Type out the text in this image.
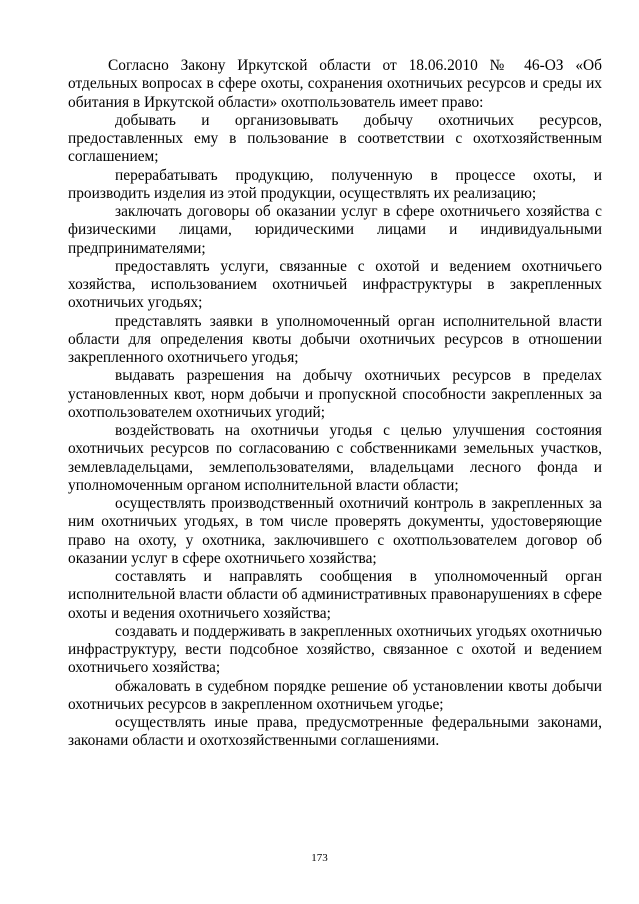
Согласно Закону Иркутской области от 18.06.2010 № 46-ОЗ «Об отдельных вопросах в сфере охоты, сохранения охотничьих ресурсов и среды их обитания в Иркутской области» охотпользователь имеет право:

добывать и организовывать добычу охотничьих ресурсов, предоставленных ему в пользование в соответствии с охотхозяйственным соглашением;

перерабатывать продукцию, полученную в процессе охоты, и производить изделия из этой продукции, осуществлять их реализацию;

заключать договоры об оказании услуг в сфере охотничьего хозяйства с физическими лицами, юридическими лицами и индивидуальными предпринимателями;

предоставлять услуги, связанные с охотой и ведением охотничьего хозяйства, использованием охотничьей инфраструктуры в закрепленных охотничьих угодьях;

представлять заявки в уполномоченный орган исполнительной власти области для определения квоты добычи охотничьих ресурсов в отношении закрепленного охотничьего угодья;

выдавать разрешения на добычу охотничьих ресурсов в пределах установленных квот, норм добычи и пропускной способности закрепленных за охотпользователем охотничьих угодий;

воздействовать на охотничьи угодья с целью улучшения состояния охотничьих ресурсов по согласованию с собственниками земельных участков, землевладельцами, землепользователями, владельцами лесного фонда и уполномоченным органом исполнительной власти области;

осуществлять производственный охотничий контроль в закрепленных за ним охотничьих угодьях, в том числе проверять документы, удостоверяющие право на охоту, у охотника, заключившего с охотпользователем договор об оказании услуг в сфере охотничьего хозяйства;

составлять и направлять сообщения в уполномоченный орган исполнительной власти области об административных правонарушениях в сфере охоты и ведения охотничьего хозяйства;

создавать и поддерживать в закрепленных охотничьих угодьях охотничью инфраструктуру, вести подсобное хозяйство, связанное с охотой и ведением охотничьего хозяйства;

обжаловать в судебном порядке решение об установлении квоты добычи охотничьих ресурсов в закрепленном охотничьем угодье;

осуществлять иные права, предусмотренные федеральными законами, законами области и охотхозяйственными соглашениями.

173
